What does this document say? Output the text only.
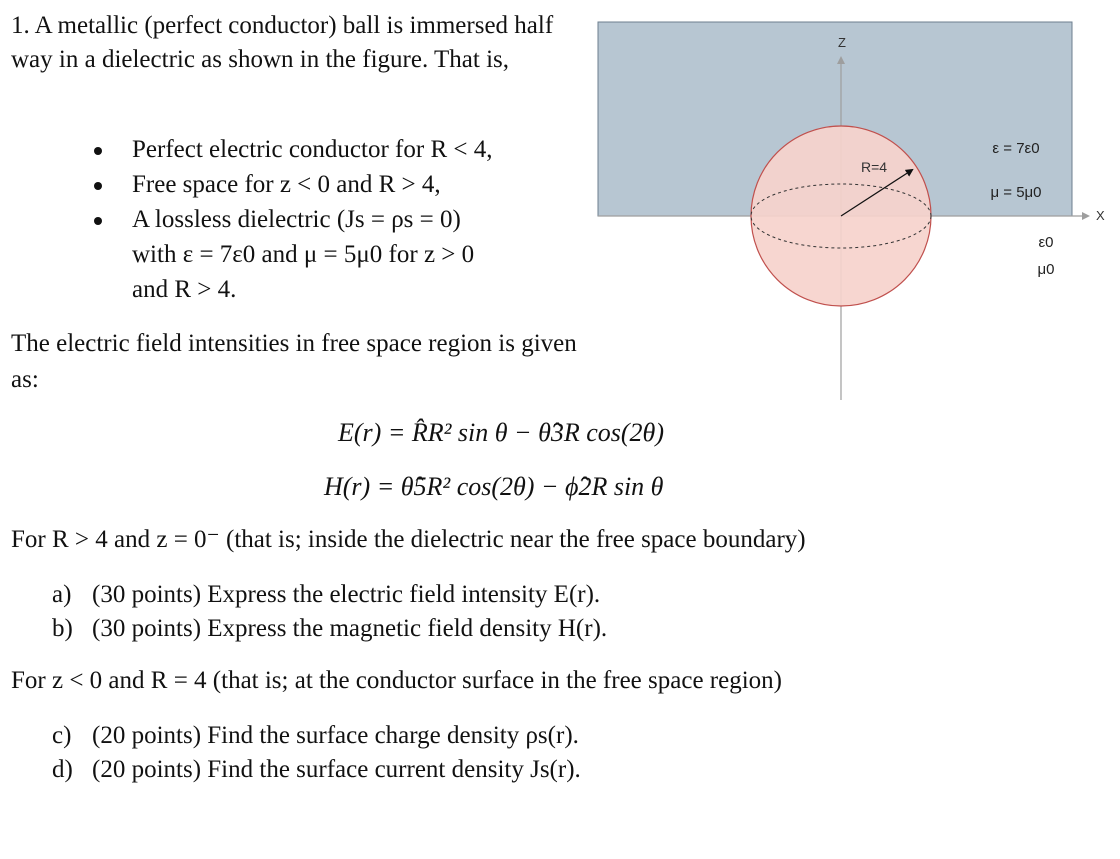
1. A metallic (perfect conductor) ball is immersed half way in a dielectric as shown in the figure. That is,
Perfect electric conductor for R < 4,
Free space for z < 0 and R > 4,
A lossless dielectric (Js = ρs = 0)
with ε = 7ε0 and μ = 5μ0 for z > 0
and R > 4.
The electric field intensities in free space region is given as:
E(r) = R̂R² sin θ − θ̂3R cos(2θ)
H(r) = θ̂5R² cos(2θ) − ϕ̂2R sin θ
For R > 4 and z = 0⁻ (that is; inside the dielectric near the free space boundary)
a) (30 points) Express the electric field intensity E(r).
b) (30 points) Express the magnetic field density H(r).
For z < 0 and R = 4 (that is; at the conductor surface in the free space region)
c) (20 points) Find the surface charge density ρs(r).
d) (20 points) Find the surface current density Js(r).
Z
X
R=4
ε = 7ε0
μ = 5μ0
ε0
μ0
